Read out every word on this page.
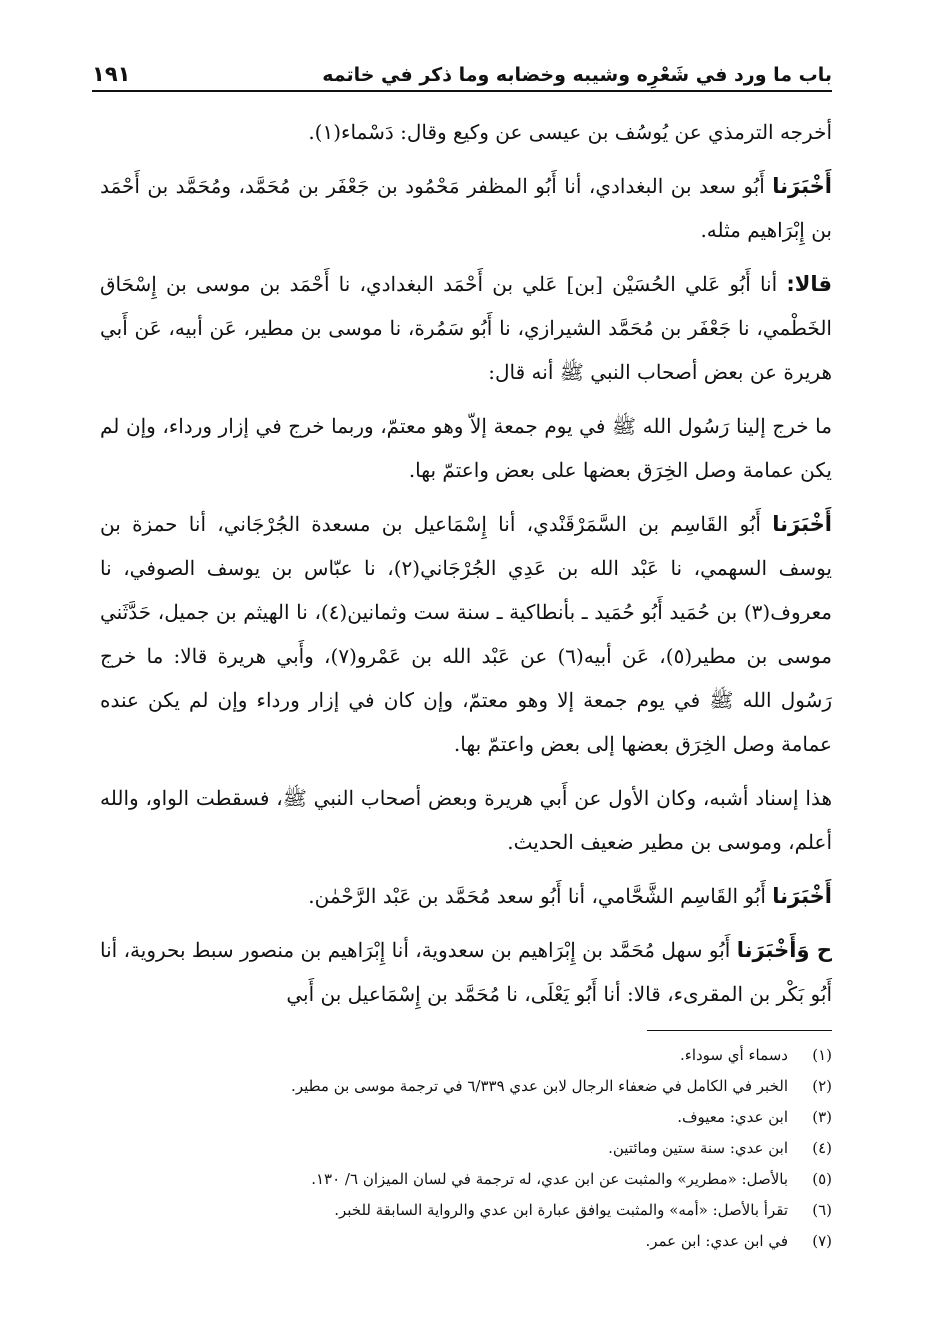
باب ما ورد في شَعْرِه وشيبه وخضابه وما ذكر في خاتمه
١٩١

أخرجه الترمذي عن يُوسُف بن عيسى عن وكيع وقال: دَسْماء(١).

أَخْبَرَنا أَبُو سعد بن البغدادي، أنا أَبُو المظفر مَحْمُود بن جَعْفَر بن مُحَمَّد، ومُحَمَّد بن أَحْمَد بن إِبْرَاهيم مثله.

قالا: أنا أَبُو عَلي الحُسَيْن [بن] عَلي بن أَحْمَد البغدادي، نا أَحْمَد بن موسى بن إِسْحَاق الخَطْمي، نا جَعْفَر بن مُحَمَّد الشيرازي، نا أَبُو سَمُرة، نا موسى بن مطير، عَن أبيه، عَن أَبي هريرة عن بعض أصحاب النبي ﷺ أنه قال:

ما خرج إلينا رَسُول الله ﷺ في يوم جمعة إلاّ وهو معتمّ، وربما خرج في إزار ورداء، وإن لم يكن عمامة وصل الخِرَق بعضها على بعض واعتمّ بها.

أَخْبَرَنا أَبُو القَاسِم بن السَّمَرْقَنْدي، أنا إِسْمَاعيل بن مسعدة الجُرْجَاني، أنا حمزة بن يوسف السهمي، نا عَبْد الله بن عَدِي الجُرْجَاني(٢)، نا عبّاس بن يوسف الصوفي، نا معروف(٣) بن حُمَيد أَبُو حُمَيد ـ بأنطاكية ـ سنة ست وثمانين(٤)، نا الهيثم بن جميل، حَدَّثَني موسى بن مطير(٥)، عَن أبيه(٦) عن عَبْد الله بن عَمْرو(٧)، وأَبي هريرة قالا: ما خرج رَسُول الله ﷺ في يوم جمعة إلا وهو معتمّ، وإن كان في إزار ورداء وإن لم يكن عنده عمامة وصل الخِرَق بعضها إلى بعض واعتمّ بها.

هذا إسناد أشبه، وكان الأول عن أَبي هريرة وبعض أصحاب النبي ﷺ، فسقطت الواو، والله أعلم، وموسى بن مطير ضعيف الحديث.

أَخْبَرَنا أَبُو القَاسِم الشَّحَّامي، أنا أَبُو سعد مُحَمَّد بن عَبْد الرَّحْمٰن.

ح وَأَخْبَرَنا أَبُو سهل مُحَمَّد بن إِبْرَاهيم بن سعدوية، أنا إِبْرَاهيم بن منصور سبط بحروية، أنا أَبُو بَكْر بن المقرىء، قالا: أنا أَبُو يَعْلَى، نا مُحَمَّد بن إِسْمَاعيل بن أَبي

(١)
دسماء أي سوداء.
(٢)
الخبر في الكامل في ضعفاء الرجال لابن عدي ٦/٣٣٩ في ترجمة موسى بن مطير.
(٣)
ابن عدي: معيوف.
(٤)
ابن عدي: سنة ستين ومائتين.
(٥)
بالأصل: «مطرير» والمثبت عن ابن عدي، له ترجمة في لسان الميزان ٦/ ١٣٠.
(٦)
تقرأ بالأصل: «أمه» والمثبت يوافق عبارة ابن عدي والرواية السابقة للخبر.
(٧)
في ابن عدي: ابن عمر.
